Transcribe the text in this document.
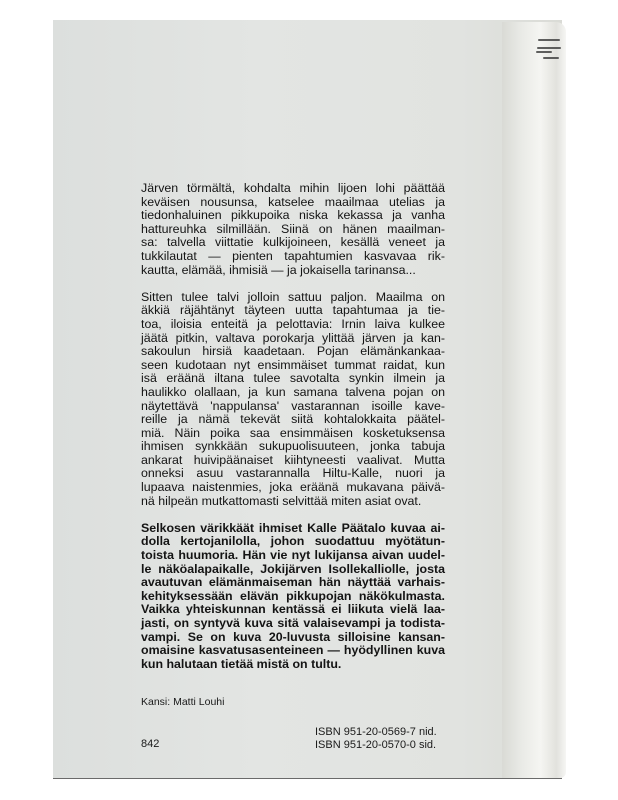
Järven törmältä, kohdalta mihin lijoen lohi päättää
keväisen nousunsa, katselee maailmaa utelias ja
tiedonhaluinen pikkupoika niska kekassa ja vanha
hattureuhka silmillään. Siinä on hänen maailman-
sa: talvella viittatie kulkijoineen, kesällä veneet ja
tukkilautat — pienten tapahtumien kasvavaa rik-
kautta, elämää, ihmisiä — ja jokaisella tarinansa...

Sitten tulee talvi jolloin sattuu paljon. Maailma on
äkkiä räjähtänyt täyteen uutta tapahtumaa ja tie-
toa, iloisia enteitä ja pelottavia: Irnin laiva kulkee
jäätä pitkin, valtava porokarja ylittää järven ja kan-
sakoulun hirsiä kaadetaan. Pojan elämänkankaa-
seen kudotaan nyt ensimmäiset tummat raidat, kun
isä eräänä iltana tulee savotalta synkin ilmein ja
haulikko olallaan, ja kun samana talvena pojan on
näytettävä 'nappulansa' vastarannan isoille kave-
reille ja nämä tekevät siitä kohtalokkaita päätel-
miä. Näin poika saa ensimmäisen kosketuksensa
ihmisen synkkään sukupuolisuuteen, jonka tabuja
ankarat huivipäänaiset kiihtyneesti vaalivat. Mutta
onneksi asuu vastarannalla Hiltu-Kalle, nuori ja
lupaava naistenmies, joka eräänä mukavana päivä-
nä hilpeän mutkattomasti selvittää miten asiat ovat.

Selkosen värikkäät ihmiset Kalle Päätalo kuvaa ai-
dolla kertojanilolla, johon suodattuu myötätun-
toista huumoria. Hän vie nyt lukijansa aivan uudel-
le näköalapaikalle, Jokijärven Isollekalliolle, josta
avautuvan elämänmaiseman hän näyttää varhais-
kehityksessään elävän pikkupojan näkökulmasta.
Vaikka yhteiskunnan kentässä ei liikuta vielä laa-
jasti, on syntyvä kuva sitä valaisevampi ja todista-
vampi. Se on kuva 20-luvusta silloisine kansan-
omaisine kasvatusasenteineen — hyödyllinen kuva
kun halutaan tietää mistä on tultu.

Kansi: Matti Louhi
842
ISBN 951-20-0569-7 nid.
ISBN 951-20-0570-0 sid.
